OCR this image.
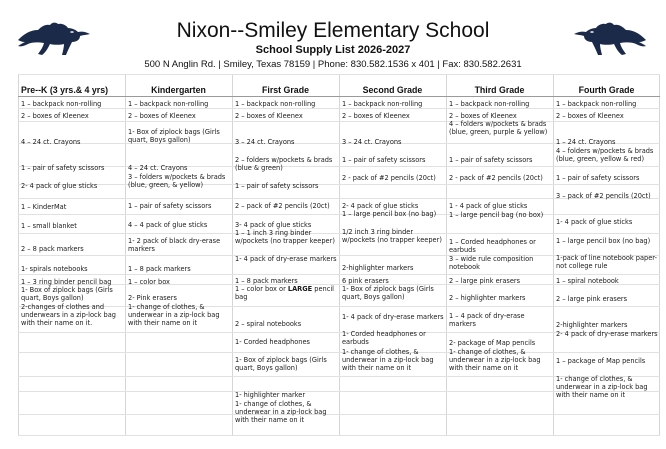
Nixon--Smiley Elementary School
School Supply List 2026-2027
500 N Anglin Rd. | Smiley, Texas 78159 | Phone: 830.582.1536 x 401 | Fax: 830.582.2631
Pre--K (3 yrs.& 4 yrs)
1 – backpack non-rolling
2 – boxes of Kleenex
4 – 24 ct. Crayons
1 – pair of safety scissors
2- 4 pack of glue sticks
1 – KinderMat
1 – small blanket
2 – 8 pack markers
1- spirals notebooks
1 – 3 ring binder pencil bag
1- Box of ziplock bags (Girls quart, Boys gallon)
2-changes of clothes and underwears in a zip-lock bag with their name on it.
Kindergarten
1 – backpack non-rolling
2 – boxes of Kleenex
1- Box of ziplock bags (Girls quart, Boys gallon)
4 – 24 ct. Crayons
3 – folders w/pockets & brads (blue, green, & yellow)
1 – pair of safety scissors
4 – 4 pack of glue sticks
1- 2 pack of black dry-erase markers
1 – 8 pack markers
1 – color box
2- Pink erasers
1- change of clothes, & underwear in a zip-lock bag with their name on it
First Grade
1 – backpack non-rolling
2 – boxes of Kleenex
3 – 24 ct. Crayons
2 – folders w/pockets & brads (blue & green)
1 – pair of safety scissors
2 – pack of #2 pencils (20ct)
3- 4 pack of glue sticks
1 – 1 inch 3 ring binder w/pockets (no trapper keeper)
1- 4 pack of dry-erase markers
1 – 8 pack markers
1 – color box or LARGE pencil bag
2 – spiral notebooks
1- Corded headphones
1- Box of ziplock bags (Girls quart, Boys gallon)
1- highlighter marker
1- change of clothes, & underwear in a zip-lock bag with their name on it
Second Grade
1 – backpack non-rolling
2 – boxes of Kleenex
3 – 24 ct. Crayons
1 – pair of safety scissors
2 - pack of #2 pencils (20ct)
2- 4 pack of glue sticks
1 – large pencil box (no bag)
1/2 inch 3 ring binder w/pockets (no trapper keeper)
2-highlighter markers
6 pink erasers
1- Box of ziplock bags (Girls quart, Boys gallon)
1- 4 pack of dry-erase markers
1- Corded headphones or earbuds
1- change of clothes, & underwear in a zip-lock bag with their name on it
Third Grade
1 – backpack non-rolling
2 – boxes of Kleenex
4 – folders w/pockets & brads (blue, green, purple & yellow)
1 – pair of safety scissors
2 - pack of #2 pencils (20ct)
1 - 4 pack of glue sticks
1 – large pencil bag (no box)
1 – Corded headphones or earbuds
3 – wide rule composition notebook
2 – large pink erasers
2 – highlighter markers
1 – 4 pack of dry-erase markers
2- package of Map pencils
1- change of clothes, & underwear in a zip-lock bag with their name on it
Fourth Grade
1 – backpack non-rolling
2 – boxes of Kleenex
1 – 24 ct. Crayons
4 – folders w/pockets & brads (blue, green, yellow & red)
1 – pair of safety scissors
3 – pack of #2 pencils (20ct)
1- 4 pack of glue sticks
1 – large pencil box (no bag)
1-pack of line notebook paper- not college rule
1 – spiral notebook
2 – large pink erasers
2-highlighter markers
2- 4 pack of dry-erase markers
1 – package of Map pencils
1- change of clothes, & underwear in a zip-lock bag with their name on it
